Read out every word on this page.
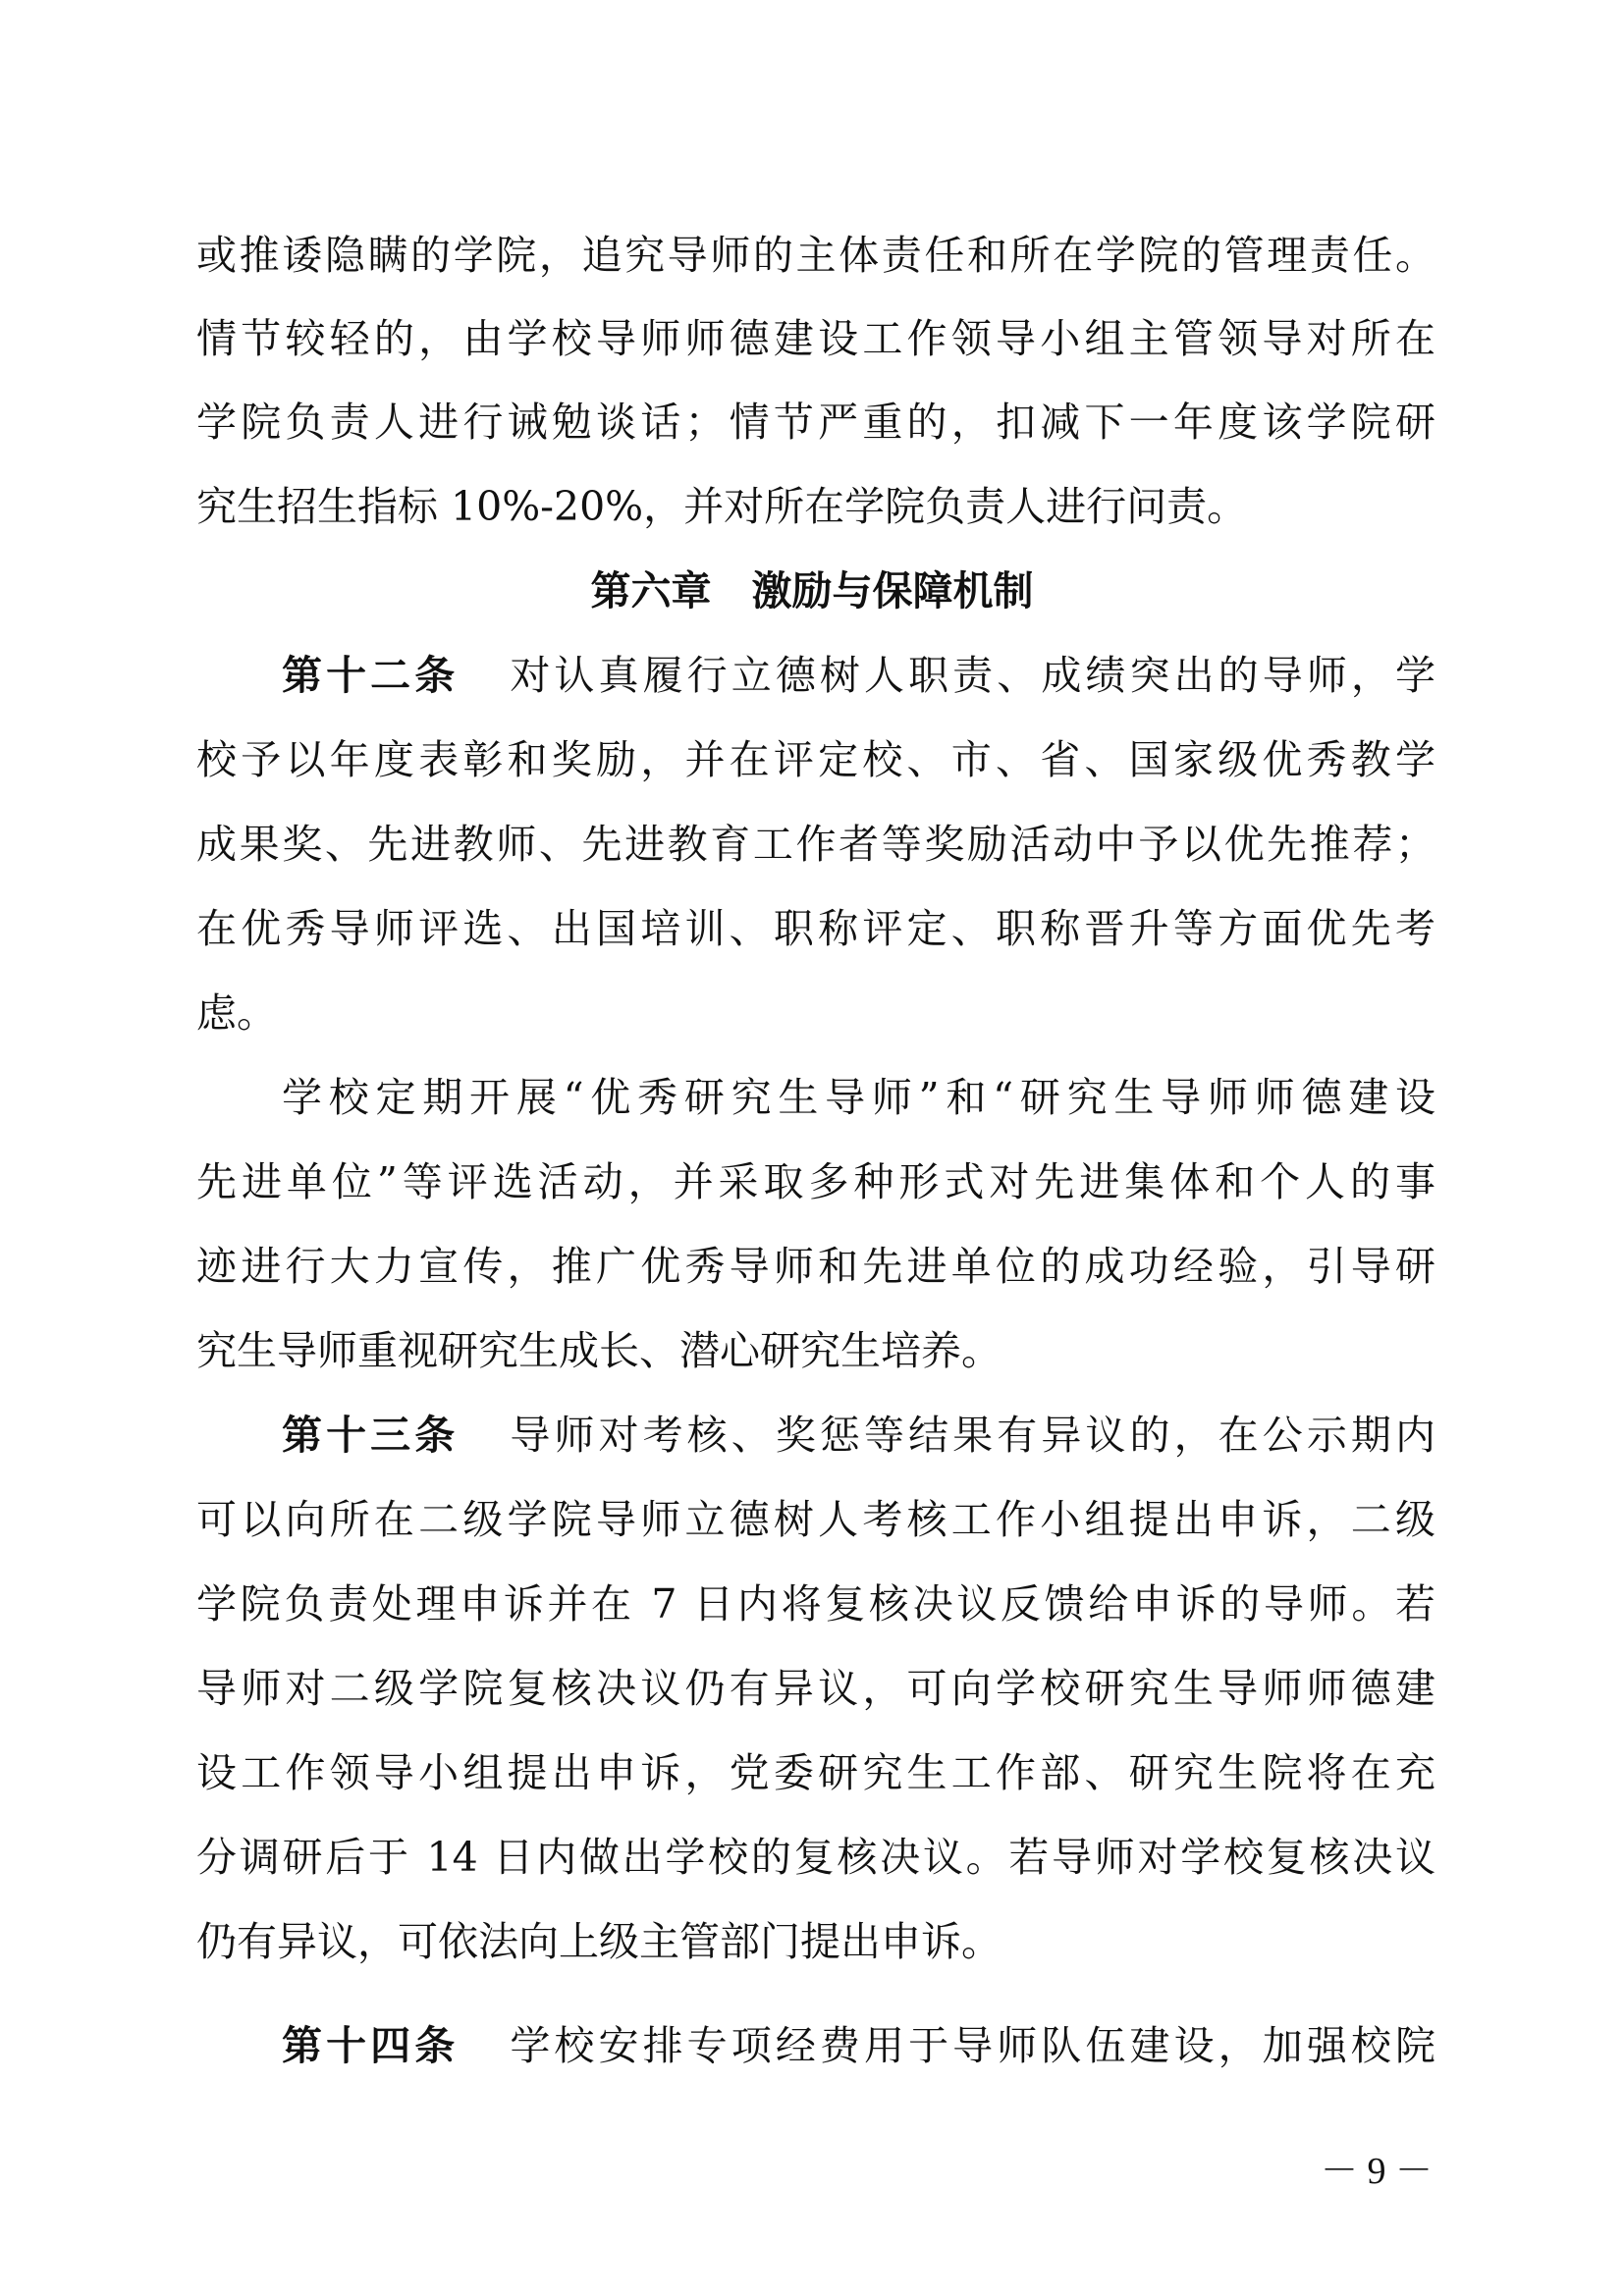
或推诿隐瞒的学院，追究导师的主体责任和所在学院的管理责任。
情节较轻的，由学校导师师德建设工作领导小组主管领导对所在
学院负责人进行诫勉谈话；情节严重的，扣减下一年度该学院研
究生招生指标 10%-20%，并对所在学院负责人进行问责。
第六章　激励与保障机制
第十二条 对认真履行立德树人职责、成绩突出的导师，学
校予以年度表彰和奖励，并在评定校、市、省、国家级优秀教学
成果奖、先进教师、先进教育工作者等奖励活动中予以优先推荐；
在优秀导师评选、出国培训、职称评定、职称晋升等方面优先考
虑。
学校定期开展“优秀研究生导师”和“研究生导师师德建设
先进单位”等评选活动，并采取多种形式对先进集体和个人的事
迹进行大力宣传，推广优秀导师和先进单位的成功经验，引导研
究生导师重视研究生成长、潜心研究生培养。
第十三条 导师对考核、奖惩等结果有异议的，在公示期内
可以向所在二级学院导师立德树人考核工作小组提出申诉，二级
学院负责处理申诉并在 7 日内将复核决议反馈给申诉的导师。若
导师对二级学院复核决议仍有异议，可向学校研究生导师师德建
设工作领导小组提出申诉，党委研究生工作部、研究生院将在充
分调研后于 14 日内做出学校的复核决议。若导师对学校复核决议
仍有异议，可依法向上级主管部门提出申诉。
第十四条 学校安排专项经费用于导师队伍建设，加强校院
－ 9 －
